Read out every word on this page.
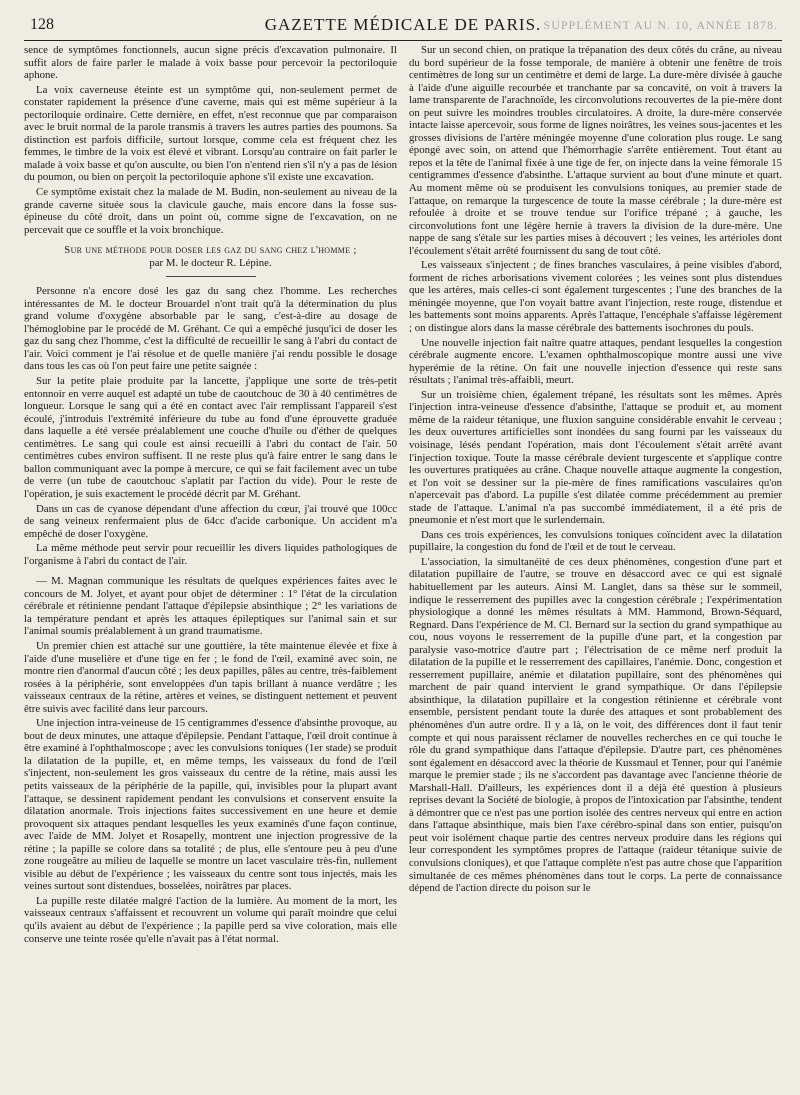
128	GAZETTE MÉDICALE DE PARIS. SUPPLÉMENT AU N. 10, ANNÉE 1878.

sence de symptômes fonctionnels, aucun signe précis d'excavation pulmonaire. Il suffit alors de faire parler le malade à voix basse pour percevoir la pectoriloquie aphone.

La voix caverneuse éteinte est un symptôme qui, non-seulement permet de constater rapidement la présence d'une caverne, mais qui est même supérieur à la pectoriloquie ordinaire. Cette dernière, en effet, n'est reconnue que par comparaison avec le bruit normal de la parole transmis à travers les autres parties des poumons. Sa distinction est parfois difficile, surtout lorsque, comme cela est fréquent chez les femmes, le timbre de la voix est élevé et vibrant. Lorsqu'au contraire on fait parler le malade à voix basse et qu'on ausculte, ou bien l'on n'entend rien s'il n'y a pas de lésion du poumon, ou bien on perçoit la pectoriloquie aphone s'il existe une excavation.

Ce symptôme existait chez la malade de M. Budin, non-seulement au niveau de la grande caverne située sous la clavicule gauche, mais encore dans la fosse sus-épineuse du côté droit, dans un point où, comme signe de l'excavation, on ne percevait que ce souffle et la voix bronchique.

Sur une méthode pour doser les gaz du sang chez l'homme ;
par M. le docteur R. Lépine.

Personne n'a encore dosé les gaz du sang chez l'homme. Les recherches intéressantes de M. le docteur Brouardel n'ont trait qu'à la détermination du plus grand volume d'oxygène absorbable par le sang, c'est-à-dire au dosage de l'hémoglobine par le procédé de M. Gréhant. Ce qui a empêché jusqu'ici de doser les gaz du sang chez l'homme, c'est la difficulté de recueillir le sang à l'abri du contact de l'air. Voici comment je l'ai résolue et de quelle manière j'ai rendu possible le dosage dans tous les cas où l'on peut faire une petite saignée :

Sur la petite plaie produite par la lancette, j'applique une sorte de très-petit entonnoir en verre auquel est adapté un tube de caoutchouc de 30 à 40 centimètres de longueur. Lorsque le sang qui a été en contact avec l'air remplissant l'appareil s'est écoulé, j'introduis l'extrémité inférieure du tube au fond d'une éprouvette graduée dans laquelle a été versée préalablement une couche d'huile ou d'éther de quelques centimètres. Le sang qui coule est ainsi recueilli à l'abri du contact de l'air. 50 centimètres cubes environ suffisent. Il ne reste plus qu'à faire entrer le sang dans le ballon communiquant avec la pompe à mercure, ce qui se fait facilement avec un tube de verre (un tube de caoutchouc s'aplatit par l'action du vide). Pour le reste de l'opération, je suis exactement le procédé décrit par M. Gréhant.

Dans un cas de cyanose dépendant d'une affection du cœur, j'ai trouvé que 100cc de sang veineux renfermaient plus de 64cc d'acide carbonique. Un accident m'a empêché de doser l'oxygène.

La même méthode peut servir pour recueillir les divers liquides pathologiques de l'organisme à l'abri du contact de l'air.

— M. Magnan communique les résultats de quelques expériences faites avec le concours de M. Jolyet, et ayant pour objet de déterminer : 1° l'état de la circulation cérébrale et rétinienne pendant l'attaque d'épilepsie absinthique ; 2° les variations de la température pendant et après les attaques épileptiques sur l'animal sain et sur l'animal soumis préalablement à un grand traumatisme.

Un premier chien est attaché sur une gouttière, la tête maintenue élevée et fixe à l'aide d'une muselière et d'une tige en fer ; le fond de l'œil, examiné avec soin, ne montre rien d'anormal d'aucun côté ; les deux papilles, pâles au centre, très-faiblement rosées à la périphérie, sont enveloppées d'un tapis brillant à nuance verdâtre ; les vaisseaux centraux de la rétine, artères et veines, se distinguent nettement et peuvent être suivis avec facilité dans leur parcours.

Une injection intra-veineuse de 15 centigrammes d'essence d'absinthe provoque, au bout de deux minutes, une attaque d'épilepsie. Pendant l'attaque, l'œil droit continue à être examiné à l'ophthalmoscope ; avec les convulsions toniques (1er stade) se produit la dilatation de la pupille, et, en même temps, les vaisseaux du fond de l'œil s'injectent, non-seulement les gros vaisseaux du centre de la rétine, mais aussi les petits vaisseaux de la périphérie de la papille, qui, invisibles pour la plupart avant l'attaque, se dessinent rapidement pendant les convulsions et conservent ensuite la dilatation anormale. Trois injections faites successivement en une heure et demie provoquent six attaques pendant lesquelles les yeux examinés d'une façon continue, avec l'aide de MM. Jolyet et Rosapelly, montrent une injection progressive de la rétine ; la papille se colore dans sa totalité ; de plus, elle s'entoure peu à peu d'une zone rougeâtre au milieu de laquelle se montre un lacet vasculaire très-fin, nullement visible au début de l'expérience ; les vaisseaux du centre sont tous injectés, mais les veines surtout sont distendues, bosselées, noirâtres par places.

La pupille reste dilatée malgré l'action de la lumière. Au moment de la mort, les vaisseaux centraux s'affaissent et recouvrent un volume qui paraît moindre que celui qu'ils avaient au début de l'expérience ; la papille perd sa vive coloration, mais elle conserve une teinte rosée qu'elle n'avait pas à l'état normal.

Sur un second chien, on pratique la trépanation des deux côtés du crâne, au niveau du bord supérieur de la fosse temporale, de manière à obtenir une fenêtre de trois centimètres de long sur un centimètre et demi de large. La dure-mère divisée à gauche à l'aide d'une aiguille recourbée et tranchante par sa concavité, on voit à travers la lame transparente de l'arachnoïde, les circonvolutions recouvertes de la pie-mère dont on peut suivre les moindres troubles circulatoires. A droite, la dure-mère conservée intacte laisse apercevoir, sous forme de lignes noirâtres, les veines sous-jacentes et les grosses divisions de l'artère méningée moyenne d'une coloration plus rouge. Le sang épongé avec soin, on attend que l'hémorrhagie s'arrête entièrement. Tout étant au repos et la tête de l'animal fixée à une tige de fer, on injecte dans la veine fémorale 15 centigrammes d'essence d'absinthe. L'attaque survient au bout d'une minute et quart. Au moment même où se produisent les convulsions toniques, au premier stade de l'attaque, on remarque la turgescence de toute la masse cérébrale ; la dure-mère est refoulée à droite et se trouve tendue sur l'orifice trépané ; à gauche, les circonvolutions font une légère hernie à travers la division de la dure-mère. Une nappe de sang s'étale sur les parties mises à découvert ; les veines, les artérioles dont l'écoulement s'était arrêté fournissent du sang de tout côté.

Les vaisseaux s'injectent ; de fines branches vasculaires, à peine visibles d'abord, forment de riches arborisations vivement colorées ; les veines sont plus distendues que les artères, mais celles-ci sont également turgescentes ; l'une des branches de la méningée moyenne, que l'on voyait battre avant l'injection, reste rouge, distendue et les battements sont moins apparents. Après l'attaque, l'encéphale s'affaisse légèrement ; on distingue alors dans la masse cérébrale des battements isochrones du pouls.

Une nouvelle injection fait naître quatre attaques, pendant lesquelles la congestion cérébrale augmente encore. L'examen ophthalmoscopique montre aussi une vive hyperémie de la rétine. On fait une nouvelle injection d'essence qui reste sans résultats ; l'animal très-affaibli, meurt.

Sur un troisième chien, également trépané, les résultats sont les mêmes. Après l'injection intra-veineuse d'essence d'absinthe, l'attaque se produit et, au moment même de la raideur tétanique, une fluxion sanguine considérable envahit le cerveau ; les deux ouvertures artificielles sont inondées du sang fourni par les vaisseaux du voisinage, lésés pendant l'opération, mais dont l'écoulement s'était arrêté avant l'injection toxique. Toute la masse cérébrale devient turgescente et s'applique contre les ouvertures pratiquées au crâne. Chaque nouvelle attaque augmente la congestion, et l'on voit se dessiner sur la pie-mère de fines ramifications vasculaires qu'on n'apercevait pas d'abord. La pupille s'est dilatée comme précédemment au premier stade de l'attaque. L'animal n'a pas succombé immédiatement, il a été pris de pneumonie et n'est mort que le surlendemain.

Dans ces trois expériences, les convulsions toniques coïncident avec la dilatation pupillaire, la congestion du fond de l'œil et de tout le cerveau.

L'association, la simultanéité de ces deux phénomènes, congestion d'une part et dilatation pupillaire de l'autre, se trouve en désaccord avec ce qui est signalé habituellement par les auteurs. Ainsi M. Langlet, dans sa thèse sur le sommeil, indique le resserrement des pupilles avec la congestion cérébrale ; l'expérimentation physiologique a donné les mêmes résultats à MM. Hammond, Brown-Séquard, Regnard. Dans l'expérience de M. Cl. Bernard sur la section du grand sympathique au cou, nous voyons le resserrement de la pupille d'une part, et la congestion par paralysie vaso-motrice d'autre part ; l'électrisation de ce même nerf produit la dilatation de la pupille et le resserrement des capillaires, l'anémie. Donc, congestion et resserrement pupillaire, anémie et dilatation pupillaire, sont des phénomènes qui marchent de pair quand intervient le grand sympathique. Or dans l'épilepsie absinthique, la dilatation pupillaire et la congestion rétinienne et cérébrale vont ensemble, persistent pendant toute la durée des attaques et sont probablement des phénomènes d'un autre ordre. Il y a là, on le voit, des différences dont il faut tenir compte et qui nous paraissent réclamer de nouvelles recherches en ce qui touche le rôle du grand sympathique dans l'attaque d'épilepsie. D'autre part, ces phénomènes sont également en désaccord avec la théorie de Kussmaul et Tenner, pour qui l'anémie marque le premier stade ; ils ne s'accordent pas davantage avec l'ancienne théorie de Marshall-Hall. D'ailleurs, les expériences dont il a déjà été question à plusieurs reprises devant la Société de biologie, à propos de l'intoxication par l'absinthe, tendent à démontrer que ce n'est pas une portion isolée des centres nerveux qui entre en action dans l'attaque absinthique, mais bien l'axe cérébro-spinal dans son entier, puisqu'on peut voir isolément chaque partie des centres nerveux produire dans les régions qui leur correspondent les symptômes propres de l'attaque (raideur tétanique suivie de convulsions cloniques), et que l'attaque complète n'est pas autre chose que l'apparition simultanée de ces mêmes phénomènes dans tout le corps. La perte de connaissance dépend de l'action directe du poison sur le
